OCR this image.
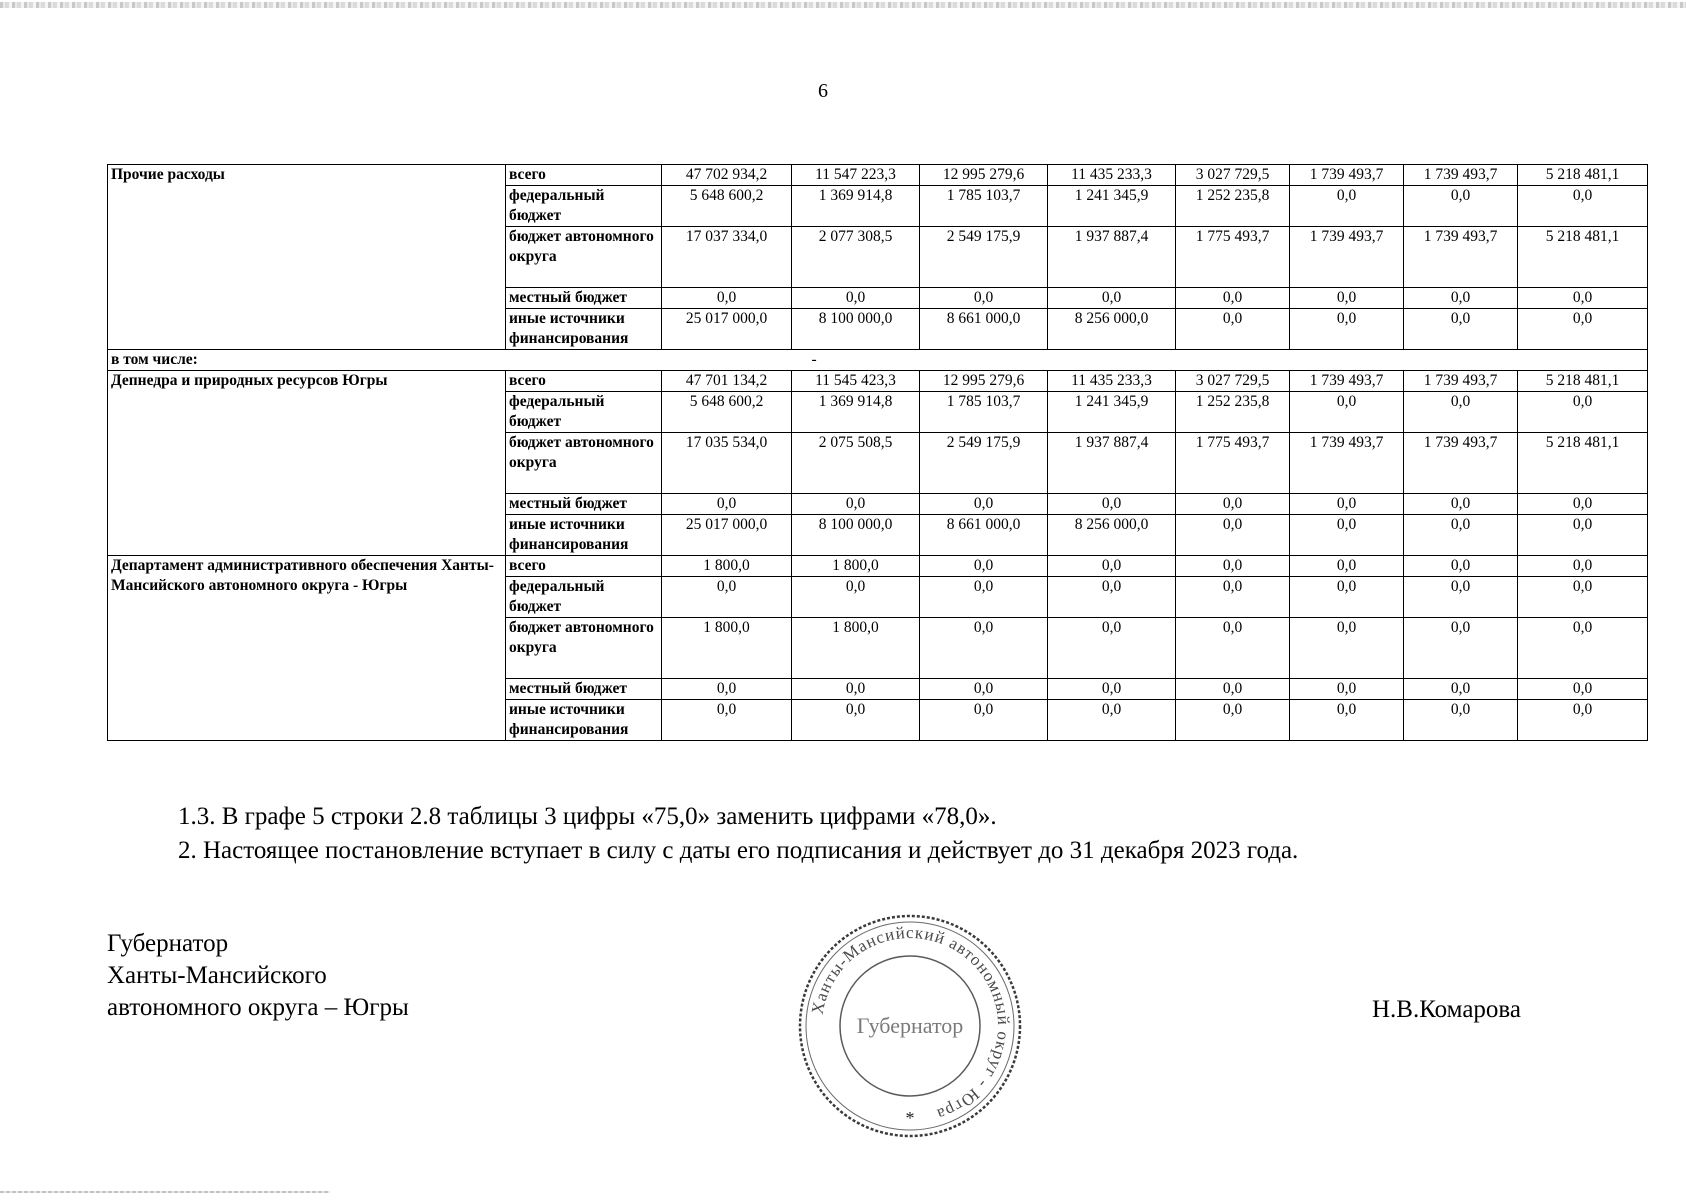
6
Прочие расходы	всего	47 702 934,2	11 547 223,3	12 995 279,6	11 435 233,3	3 027 729,5	1 739 493,7	1 739 493,7	5 218 481,1
	федеральный бюджет	5 648 600,2	1 369 914,8	1 785 103,7	1 241 345,9	1 252 235,8	0,0	0,0	0,0
	бюджет автономного округа	17 037 334,0	2 077 308,5	2 549 175,9	1 937 887,4	1 775 493,7	1 739 493,7	1 739 493,7	5 218 481,1
	местный бюджет	0,0	0,0	0,0	0,0	0,0	0,0	0,0	0,0
	иные источники финансирования	25 017 000,0	8 100 000,0	8 661 000,0	8 256 000,0	0,0	0,0	0,0	0,0
в том числе:		-							
Депнедра и природных ресурсов Югры	всего	47 701 134,2	11 545 423,3	12 995 279,6	11 435 233,3	3 027 729,5	1 739 493,7	1 739 493,7	5 218 481,1
	федеральный бюджет	5 648 600,2	1 369 914,8	1 785 103,7	1 241 345,9	1 252 235,8	0,0	0,0	0,0
	бюджет автономного округа	17 035 534,0	2 075 508,5	2 549 175,9	1 937 887,4	1 775 493,7	1 739 493,7	1 739 493,7	5 218 481,1
	местный бюджет	0,0	0,0	0,0	0,0	0,0	0,0	0,0	0,0
	иные источники финансирования	25 017 000,0	8 100 000,0	8 661 000,0	8 256 000,0	0,0	0,0	0,0	0,0
Департамент административного обеспечения Ханты-Мансийского автономного округа - Югры	всего	1 800,0	1 800,0	0,0	0,0	0,0	0,0	0,0	0,0
	федеральный бюджет	0,0	0,0	0,0	0,0	0,0	0,0	0,0	0,0
	бюджет автономного округа	1 800,0	1 800,0	0,0	0,0	0,0	0,0	0,0	0,0
	местный бюджет	0,0	0,0	0,0	0,0	0,0	0,0	0,0	0,0
	иные источники финансирования	0,0	0,0	0,0	0,0	0,0	0,0	0,0	0,0
1.3. В графе 5 строки 2.8 таблицы 3 цифры «75,0» заменить цифрами «78,0».
2. Настоящее постановление вступает в силу с даты его подписания и действует до 31 декабря 2023 года.
Губернатор
Ханты-Мансийского
автономного округа – Югры	Н.В.Комарова
Ханты-Мансийский автономный округ - Югра
Губернатор
*
